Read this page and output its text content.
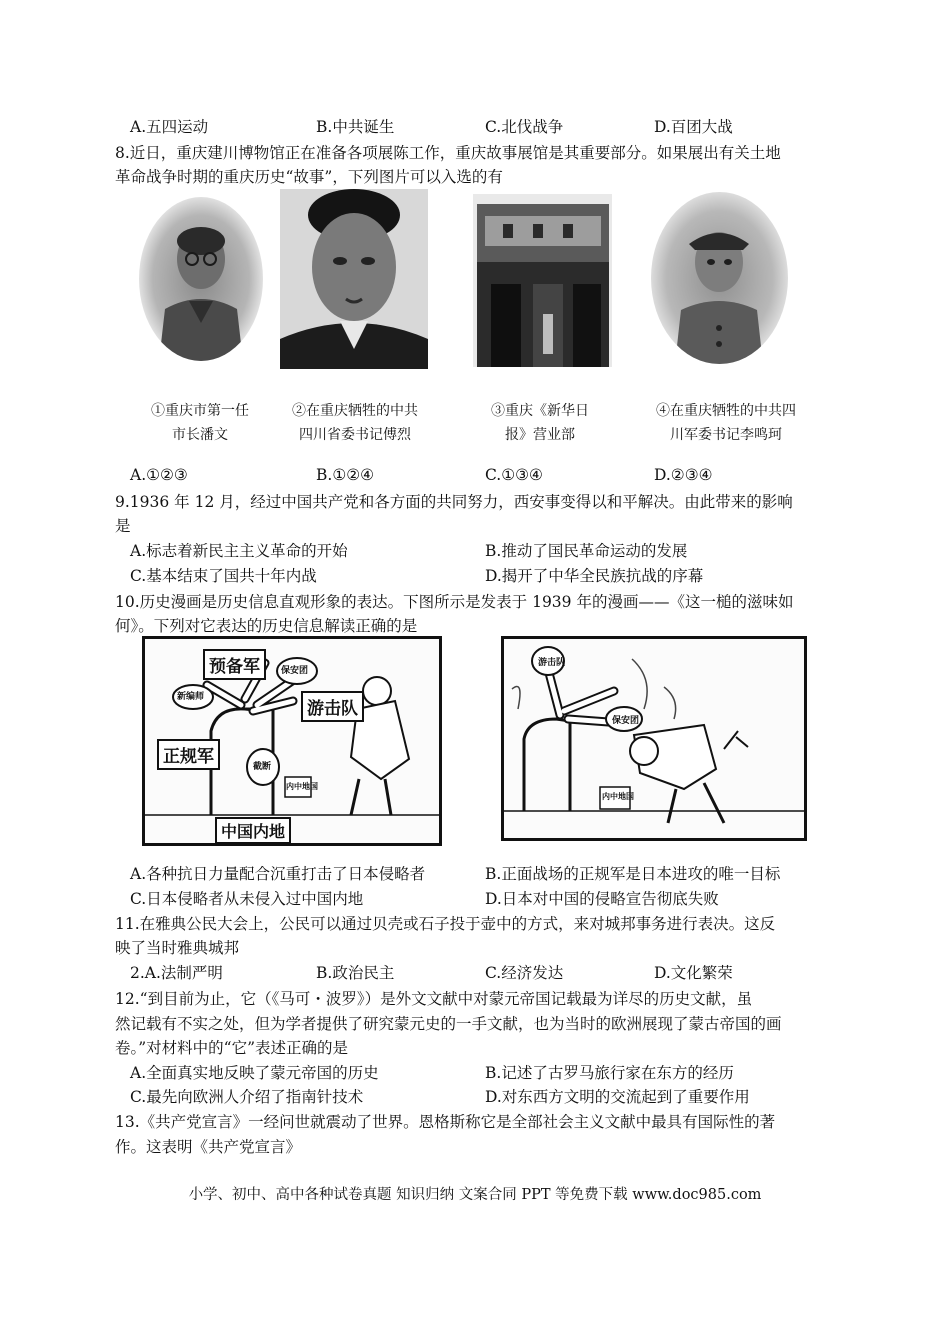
A.五四运动	B.中共诞生	C.北伐战争	D.百团大战
8.近日，重庆建川博物馆正在准备各项展陈工作，重庆故事展馆是其重要部分。如果展出有关土地
革命战争时期的重庆历史“故事”，下列图片可以入选的有
①重庆市第一任
市长潘文
②在重庆牺牲的中共
四川省委书记傅烈
③重庆《新华日
报》营业部
④在重庆牺牲的中共四
川军委书记李鸣珂
A.①②③	B.①②④	C.①③④	D.②③④
9.1936 年 12 月，经过中国共产党和各方面的共同努力，西安事变得以和平解决。由此带来的影响
是
A.标志着新民主主义革命的开始	B.推动了国民革命运动的发展
C.基本结束了国共十年内战	D.揭开了中华全民族抗战的序幕
10.历史漫画是历史信息直观形象的表达。下图所示是发表于 1939 年的漫画——《这一槌的滋味如
何》。下列对它表达的历史信息解读正确的是
预备军
游击队
正规军
中国内地
新编师
保安团
截断
内中地国
保安团
游击队
内中地国
A.各种抗日力量配合沉重打击了日本侵略者	B.正面战场的正规军是日本进攻的唯一目标
C.日本侵略者从未侵入过中国内地	D.日本对中国的侵略宣告彻底失败
11.在雅典公民大会上，公民可以通过贝壳或石子投于壶中的方式，来对城邦事务进行表决。这反
映了当时雅典城邦
2.A.法制严明	B.政治民主	C.经济发达	D.文化繁荣
12.“到目前为止，它（《马可・波罗》）是外文文献中对蒙元帝国记载最为详尽的历史文献，虽
然记载有不实之处，但为学者提供了研究蒙元史的一手文献，也为当时的欧洲展现了蒙古帝国的画
卷。”对材料中的“它”表述正确的是
A.全面真实地反映了蒙元帝国的历史	B.记述了古罗马旅行家在东方的经历
C.最先向欧洲人介绍了指南针技术	D.对东西方文明的交流起到了重要作用
13.《共产党宣言》一经问世就震动了世界。恩格斯称它是全部社会主义文献中最具有国际性的著
作。这表明《共产党宣言》
小学、初中、高中各种试卷真题 知识归纳 文案合同 PPT 等免费下载 www.doc985.com
